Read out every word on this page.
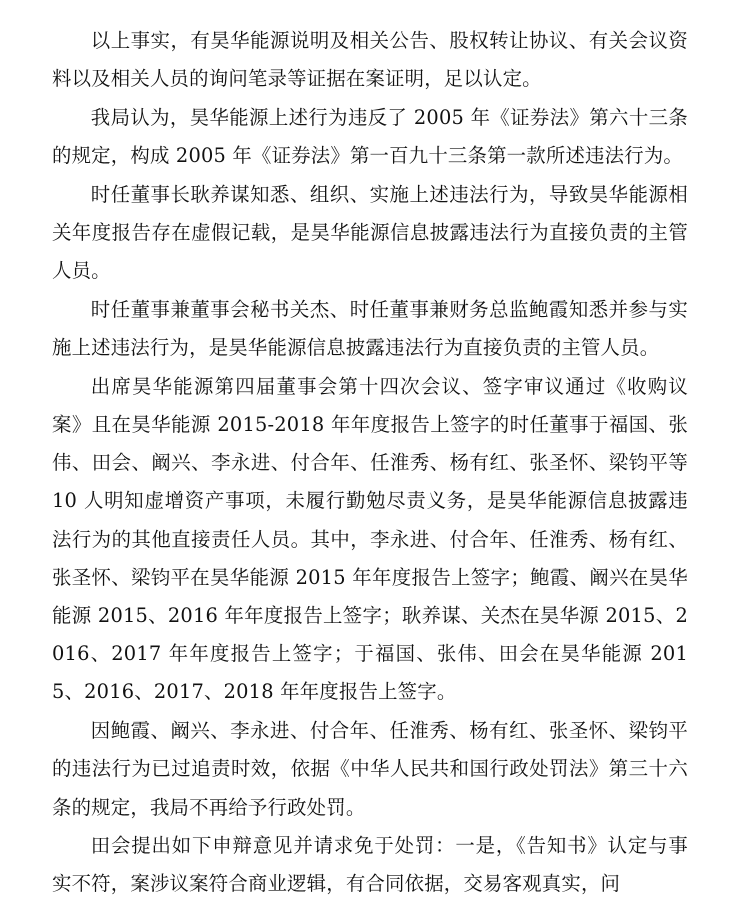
以上事实，有昊华能源说明及相关公告、股权转让协议、有关会议资料以及相关人员的询问笔录等证据在案证明，足以认定。

我局认为，昊华能源上述行为违反了 2005 年《证券法》第六十三条的规定，构成 2005 年《证券法》第一百九十三条第一款所述违法行为。

时任董事长耿养谋知悉、组织、实施上述违法行为，导致昊华能源相关年度报告存在虚假记载，是昊华能源信息披露违法行为直接负责的主管人员。

时任董事兼董事会秘书关杰、时任董事兼财务总监鲍霞知悉并参与实施上述违法行为，是昊华能源信息披露违法行为直接负责的主管人员。

出席昊华能源第四届董事会第十四次会议、签字审议通过《收购议案》且在昊华能源 2015-2018 年年度报告上签字的时任董事于福国、张伟、田会、阚兴、李永进、付合年、任淮秀、杨有红、张圣怀、梁钧平等 10 人明知虚增资产事项，未履行勤勉尽责义务，是昊华能源信息披露违法行为的其他直接责任人员。其中，李永进、付合年、任淮秀、杨有红、张圣怀、梁钧平在昊华能源 2015 年年度报告上签字；鲍霞、阚兴在昊华能源 2015、2016 年年度报告上签字；耿养谋、关杰在昊华源 2015、2016、2017 年年度报告上签字；于福国、张伟、田会在昊华能源 2015、2016、2017、2018 年年度报告上签字。

因鲍霞、阚兴、李永进、付合年、任淮秀、杨有红、张圣怀、梁钧平的违法行为已过追责时效，依据《中华人民共和国行政处罚法》第三十六条的规定，我局不再给予行政处罚。

田会提出如下申辩意见并请求免于处罚：一是，《告知书》认定与事实不符，案涉议案符合商业逻辑，有合同依据，交易客观真实，问
